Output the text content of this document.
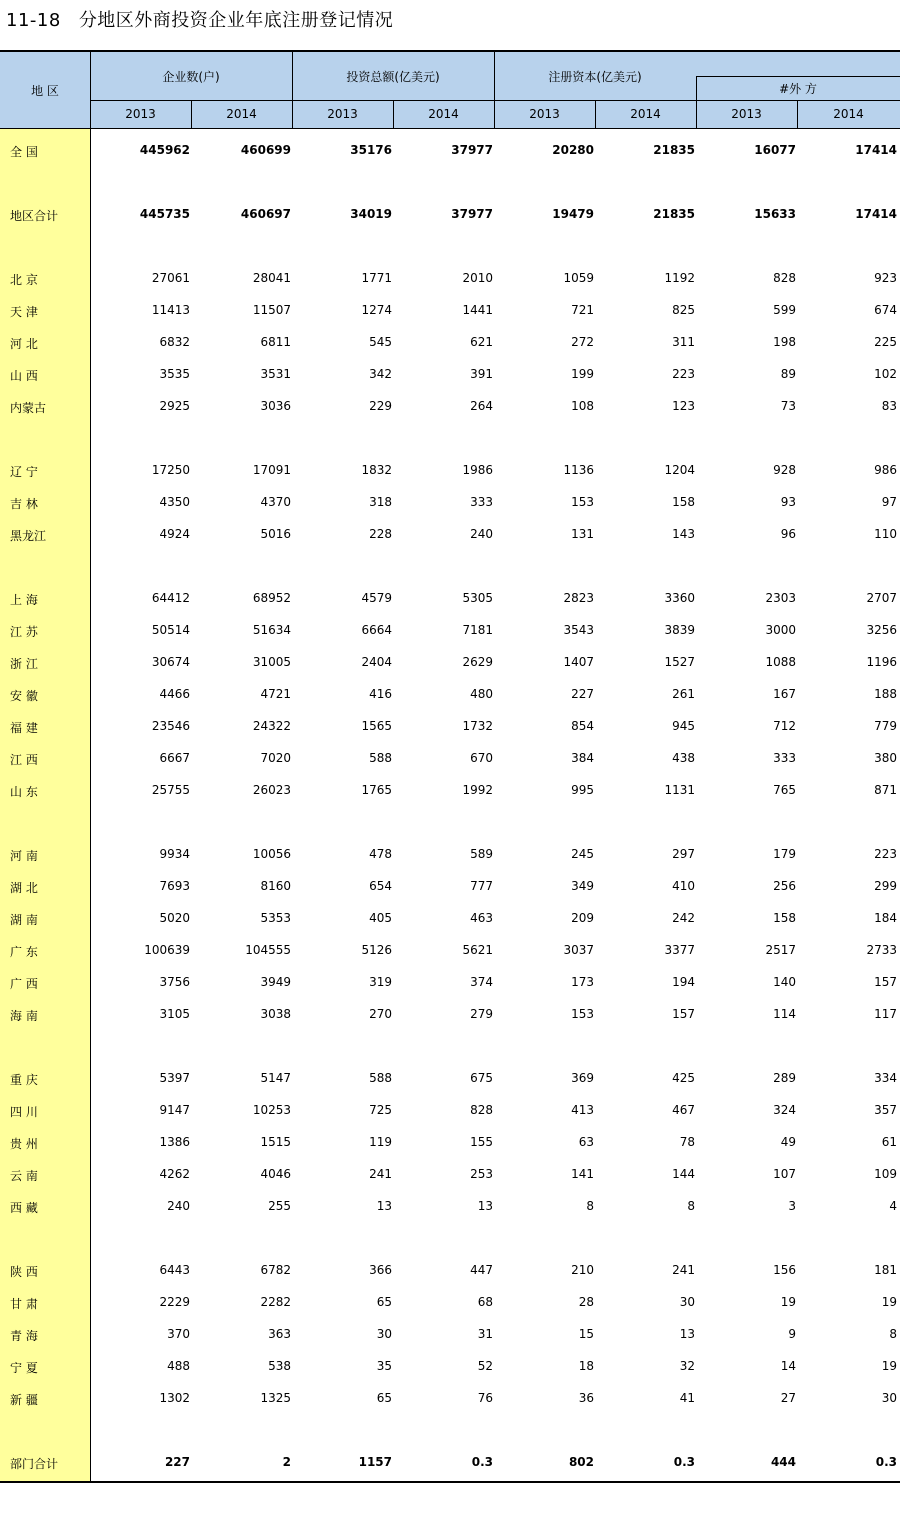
11-18 分地区外商投资企业年底注册登记情况
地 区
企业数(户)	投资总额(亿美元)	注册资本(亿美元)
#外 方
2013	2014	2013	2014	2013	2014	2013	2014
全 国	445962	460699	35176	37977	20280	21835	16077	17414
地区合计	445735	460697	34019	37977	19479	21835	15633	17414
北 京	27061	28041	1771	2010	1059	1192	828	923
天 津	11413	11507	1274	1441	721	825	599	674
河 北	6832	6811	545	621	272	311	198	225
山 西	3535	3531	342	391	199	223	89	102
内蒙古	2925	3036	229	264	108	123	73	83
辽 宁	17250	17091	1832	1986	1136	1204	928	986
吉 林	4350	4370	318	333	153	158	93	97
黑龙江	4924	5016	228	240	131	143	96	110
上 海	64412	68952	4579	5305	2823	3360	2303	2707
江 苏	50514	51634	6664	7181	3543	3839	3000	3256
浙 江	30674	31005	2404	2629	1407	1527	1088	1196
安 徽	4466	4721	416	480	227	261	167	188
福 建	23546	24322	1565	1732	854	945	712	779
江 西	6667	7020	588	670	384	438	333	380
山 东	25755	26023	1765	1992	995	1131	765	871
河 南	9934	10056	478	589	245	297	179	223
湖 北	7693	8160	654	777	349	410	256	299
湖 南	5020	5353	405	463	209	242	158	184
广 东	100639	104555	5126	5621	3037	3377	2517	2733
广 西	3756	3949	319	374	173	194	140	157
海 南	3105	3038	270	279	153	157	114	117
重 庆	5397	5147	588	675	369	425	289	334
四 川	9147	10253	725	828	413	467	324	357
贵 州	1386	1515	119	155	63	78	49	61
云 南	4262	4046	241	253	141	144	107	109
西 藏	240	255	13	13	8	8	3	4
陕 西	6443	6782	366	447	210	241	156	181
甘 肃	2229	2282	65	68	28	30	19	19
青 海	370	363	30	31	15	13	9	8
宁 夏	488	538	35	52	18	32	14	19
新 疆	1302	1325	65	76	36	41	27	30
部门合计	227	2	1157	0.3	802	0.3	444	0.3
